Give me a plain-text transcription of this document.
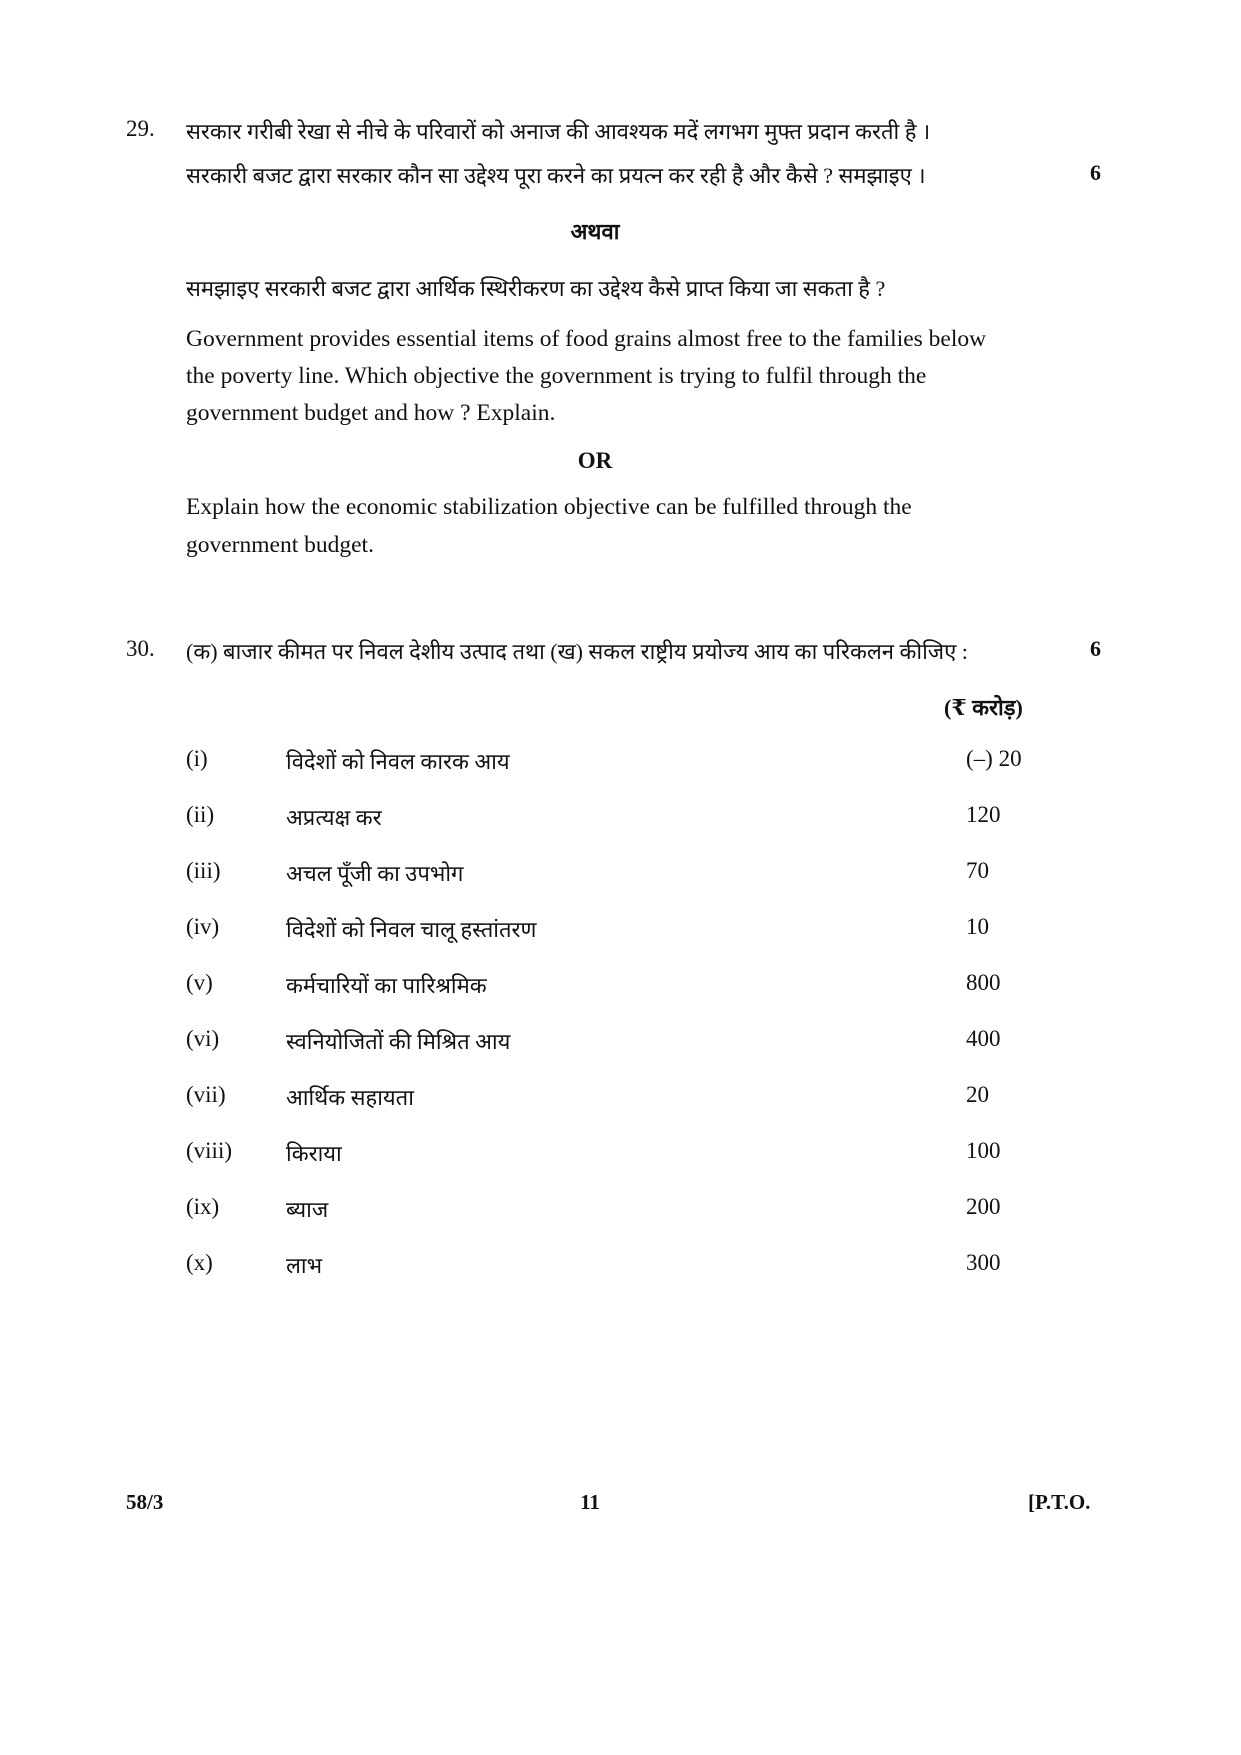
29. सरकार गरीबी रेखा से नीचे के परिवारों को अनाज की आवश्यक मदें लगभग मुफ्त प्रदान करती है ।
सरकारी बजट द्वारा सरकार कौन सा उद्देश्य पूरा करने का प्रयत्न कर रही है और कैसे ? समझाइए ।	6
अथवा
समझाइए सरकारी बजट द्वारा आर्थिक स्थिरीकरण का उद्देश्य कैसे प्राप्त किया जा सकता है ?
Government provides essential items of food grains almost free to the families below
the poverty line. Which objective the government is trying to fulfil through the
government budget and how ? Explain.
OR
Explain how the economic stabilization objective can be fulfilled through the
government budget.
30. (क) बाजार कीमत पर निवल देशीय उत्पाद तथा (ख) सकल राष्ट्रीय प्रयोज्य आय का परिकलन कीजिए :	6
(₹ करोड़)
(i)	विदेशों को निवल कारक आय	(–) 20
(ii)	अप्रत्यक्ष कर	120
(iii)	अचल पूँजी का उपभोग	70
(iv)	विदेशों को निवल चालू हस्तांतरण	10
(v)	कर्मचारियों का पारिश्रमिक	800
(vi)	स्वनियोजितों की मिश्रित आय	400
(vii)	आर्थिक सहायता	20
(viii) किराया	100
(ix)	ब्याज	200
(x)	लाभ	300
58/3	11	[P.T.O.
